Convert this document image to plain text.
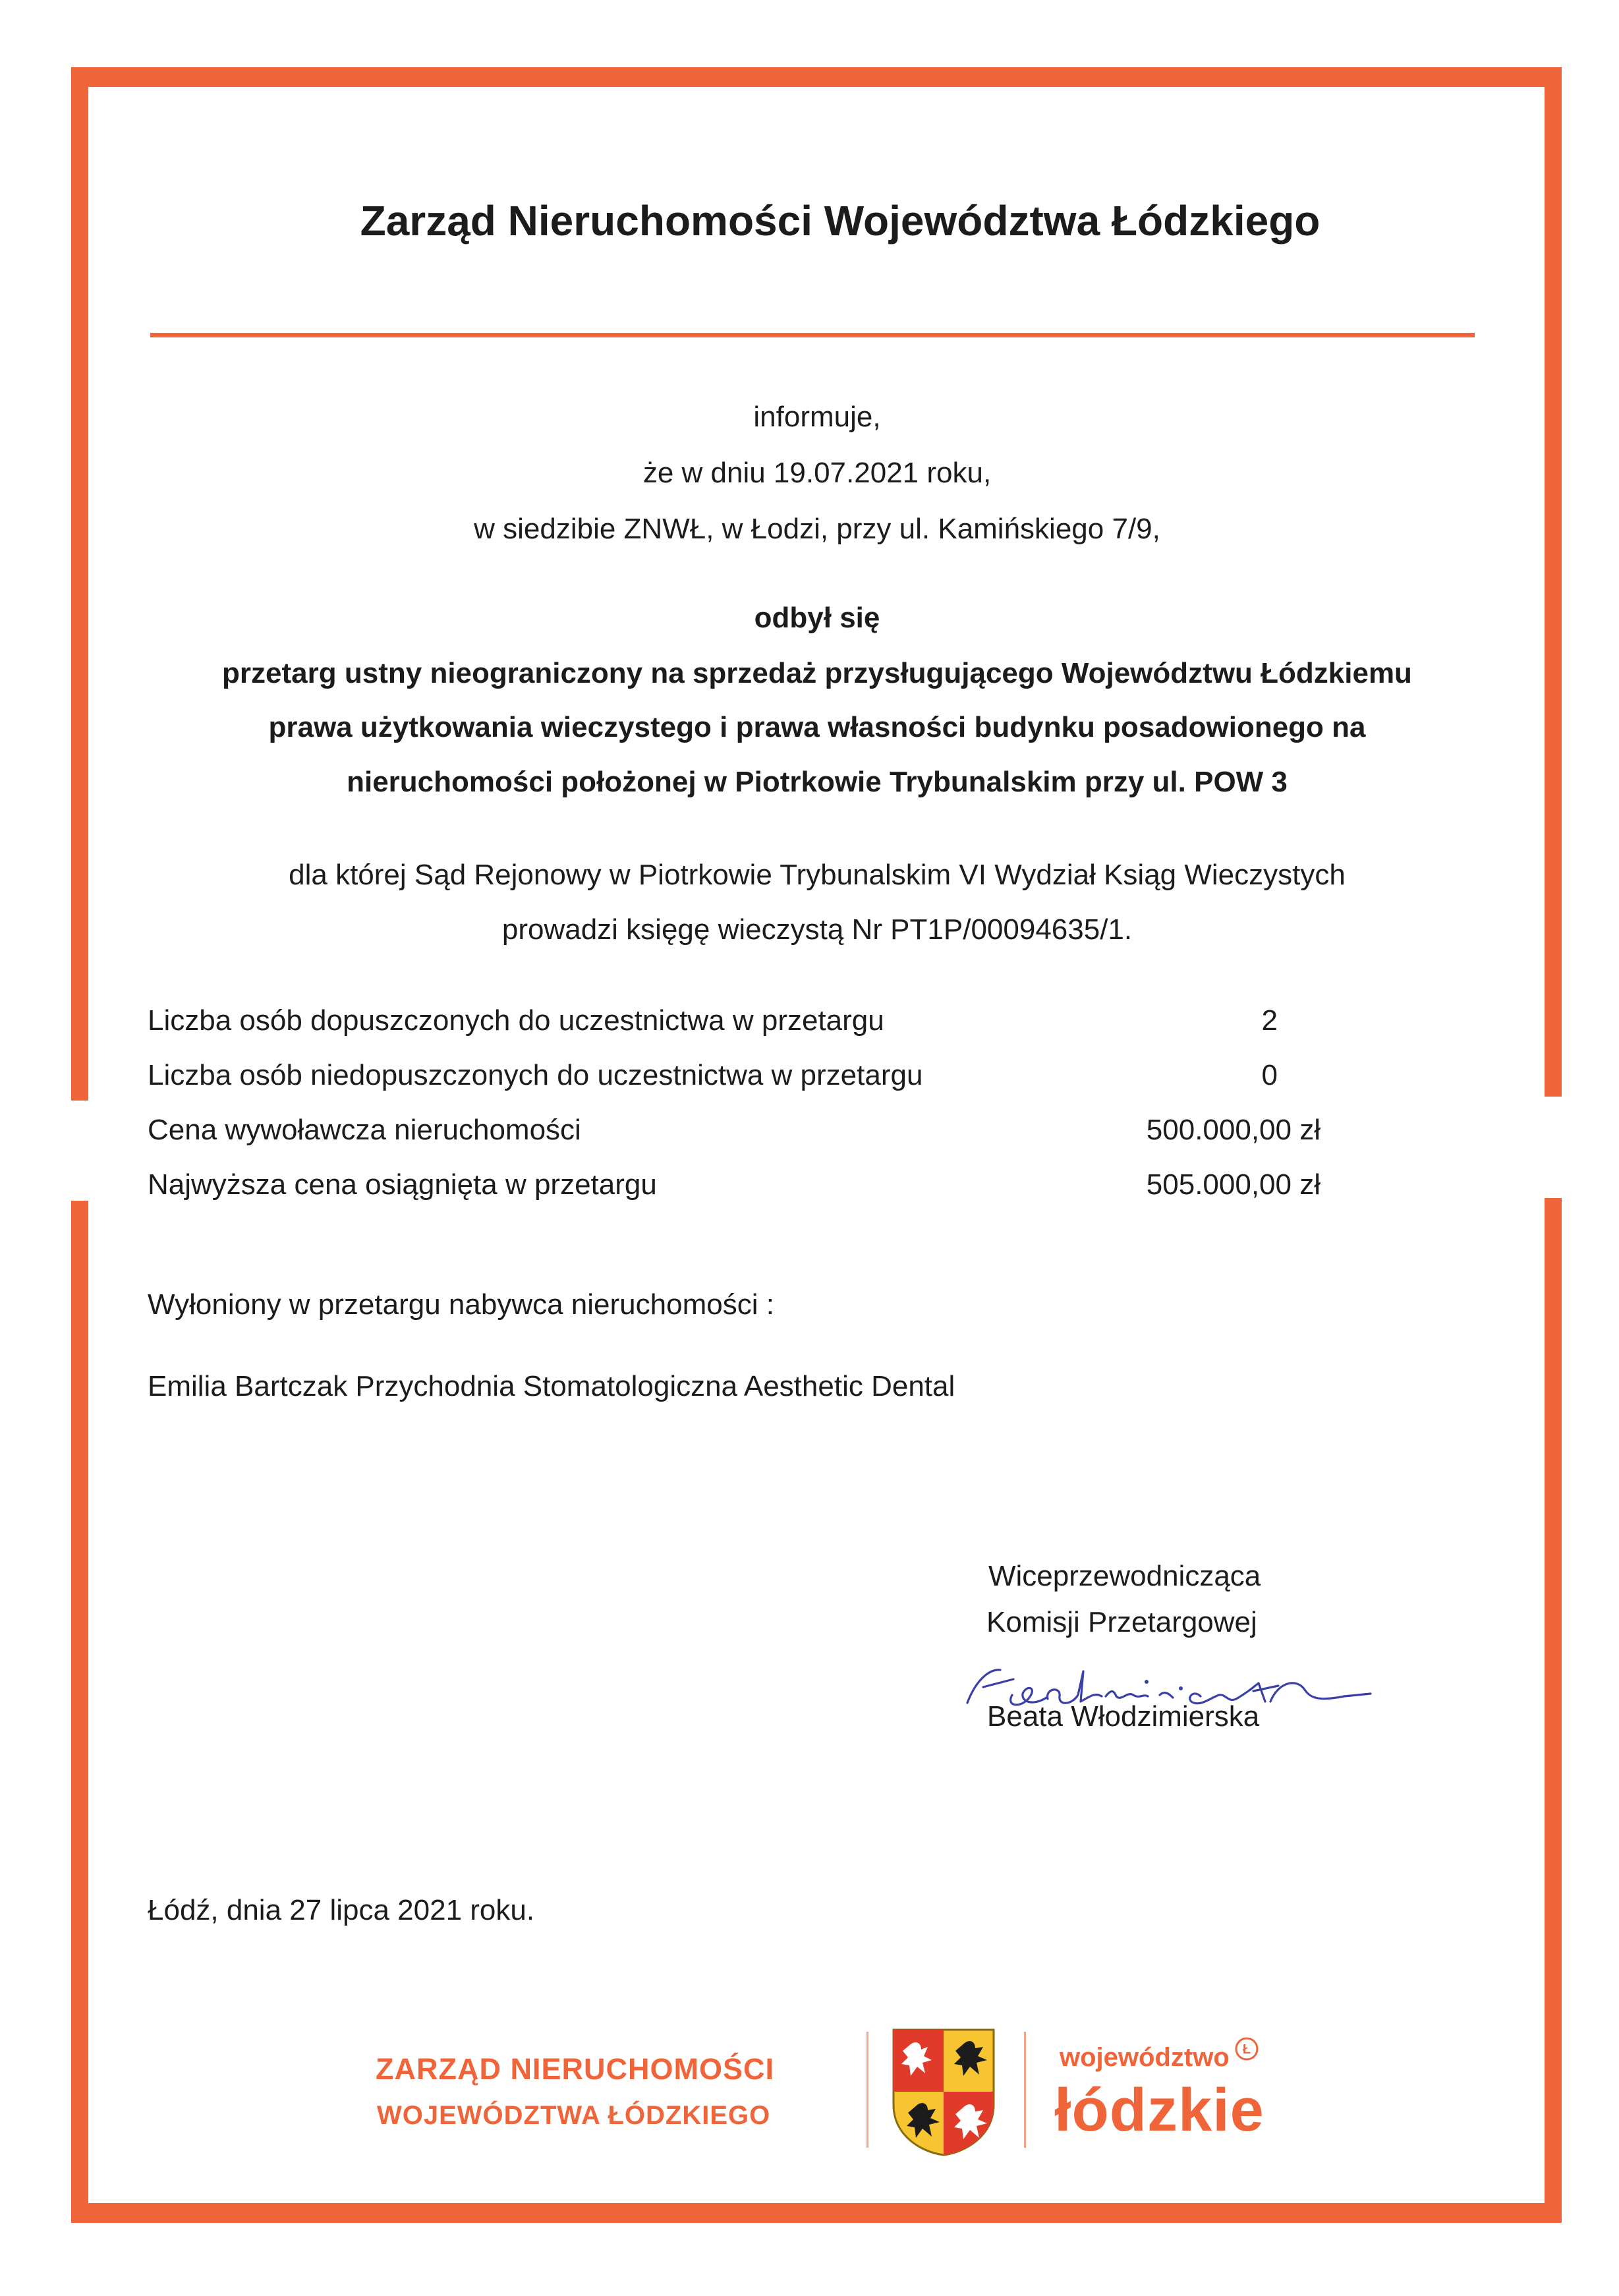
Zarząd Nieruchomości Województwa Łódzkiego
informuje,
że w dniu 19.07.2021 roku,
w siedzibie ZNWŁ, w Łodzi, przy ul. Kamińskiego 7/9,
odbył się
przetarg ustny nieograniczony na sprzedaż przysługującego Województwu Łódzkiemu
prawa użytkowania wieczystego i prawa własności budynku posadowionego na
nieruchomości położonej w Piotrkowie Trybunalskim przy ul. POW 3
dla której Sąd Rejonowy w Piotrkowie Trybunalskim VI Wydział Ksiąg Wieczystych
prowadzi księgę wieczystą Nr PT1P/00094635/1.
Liczba osób dopuszczonych do uczestnictwa w przetargu	2
Liczba osób niedopuszczonych do uczestnictwa w przetargu	0
Cena wywoławcza nieruchomości	500.000,00 zł
Najwyższa cena osiągnięta w przetargu	505.000,00 zł
Wyłoniony w przetargu nabywca nieruchomości :
Emilia Bartczak Przychodnia Stomatologiczna Aesthetic Dental
Wiceprzewodnicząca
Komisji Przetargowej
Beata Włodzimierska
Łódź, dnia 27 lipca 2021 roku.
ZARZĄD NIERUCHOMOŚCI
WOJEWÓDZTWA ŁÓDZKIEGO
województwo
łódzkie
Ł
